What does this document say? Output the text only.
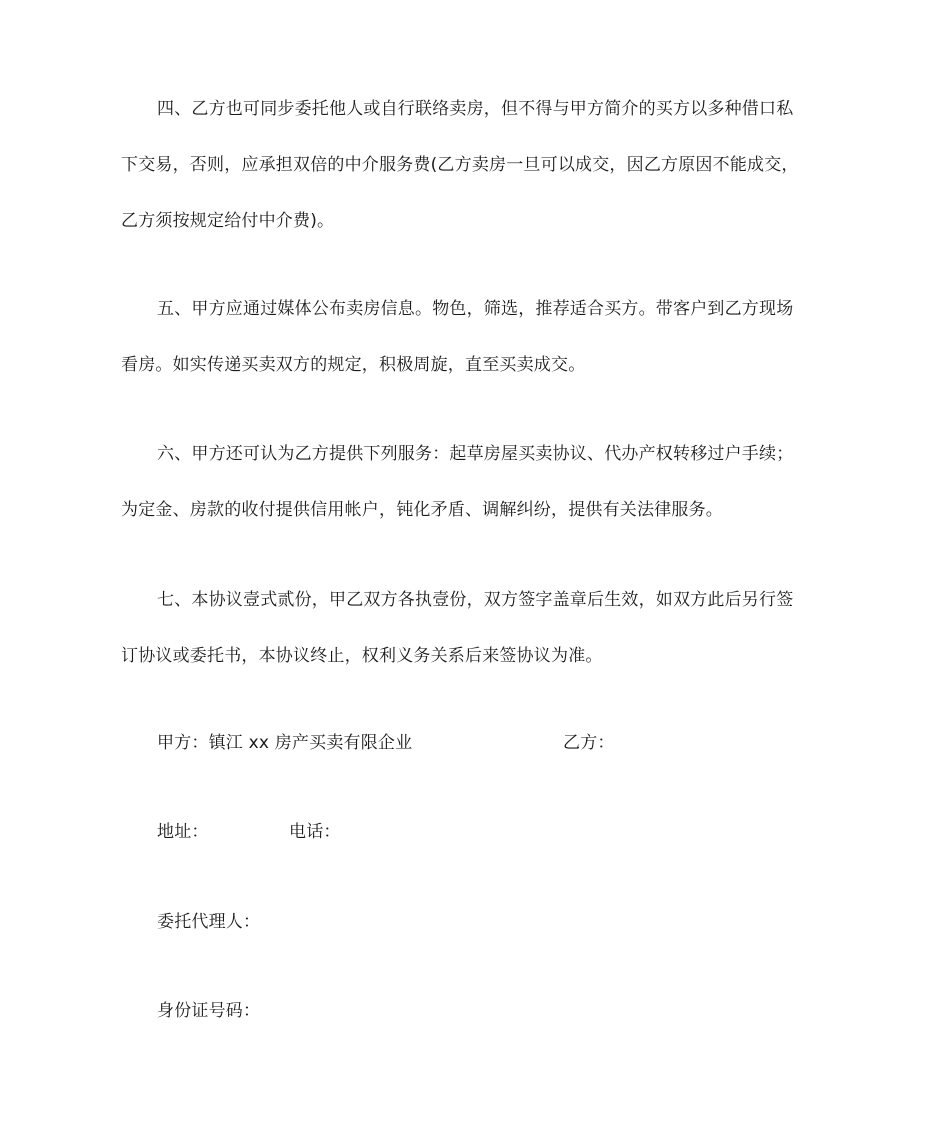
四、乙方也可同步委托他人或自行联络卖房，但不得与甲方简介的买方以多种借口私
下交易，否则，应承担双倍的中介服务费(乙方卖房一旦可以成交，因乙方原因不能成交，
乙方须按规定给付中介费)。
五、甲方应通过媒体公布卖房信息。物色，筛选，推荐适合买方。带客户到乙方现场
看房。如实传递买卖双方的规定，积极周旋，直至买卖成交。
六、甲方还可认为乙方提供下列服务：起草房屋买卖协议、代办产权转移过户手续；
为定金、房款的收付提供信用帐户，钝化矛盾、调解纠纷，提供有关法律服务。
七、本协议壹式贰份，甲乙双方各执壹份，双方签字盖章后生效，如双方此后另行签
订协议或委托书，本协议终止，权利义务关系后来签协议为准。
甲方：镇江 xx 房产买卖有限企业	乙方：
地址：	电话：
委托代理人：
身份证号码：
